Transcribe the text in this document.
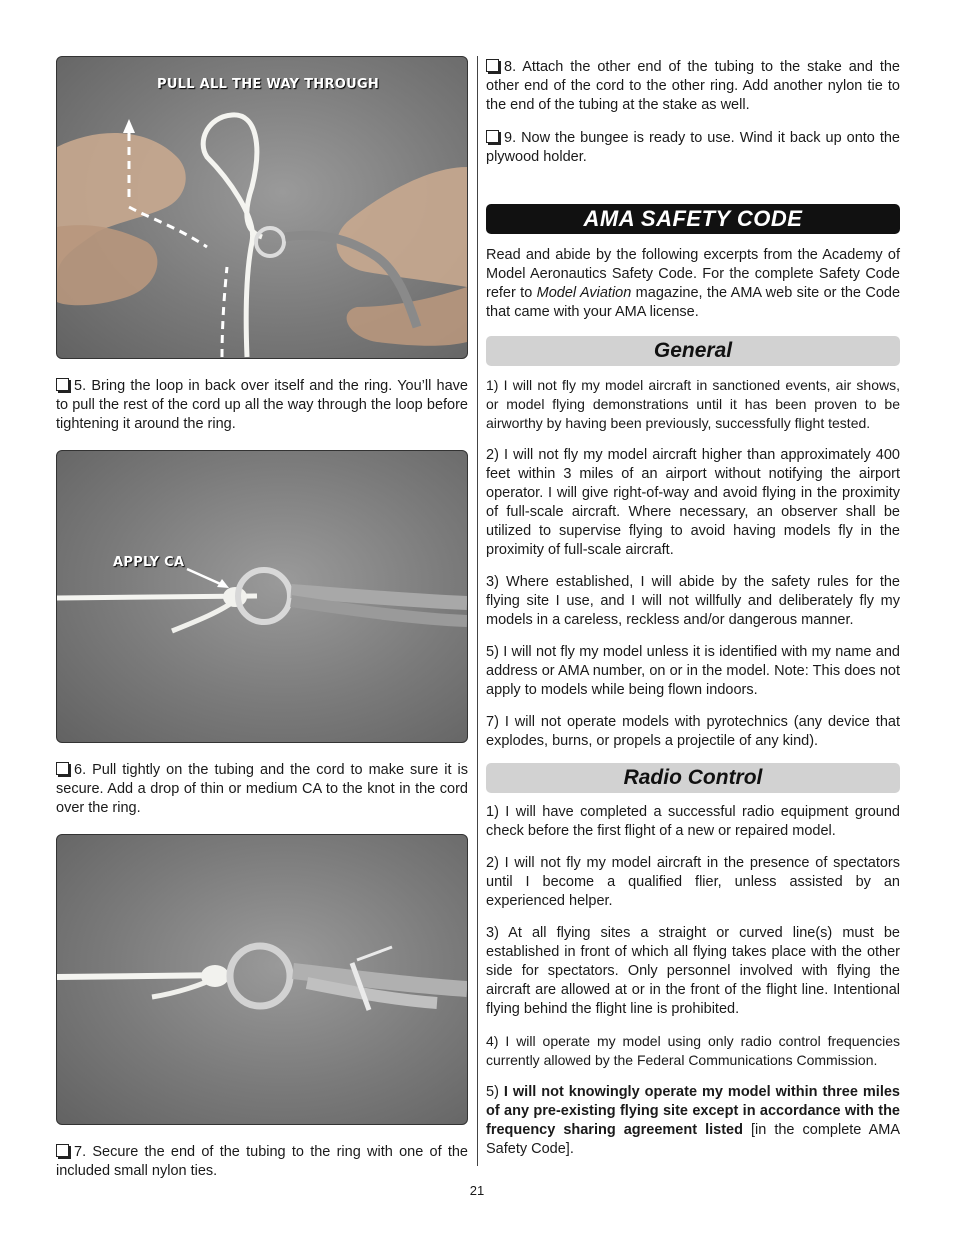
PULL ALL THE WAY THROUGH

5. Bring the loop in back over itself and the ring. You’ll have to pull the rest of the cord up all the way through the loop before tightening it around the ring.

APPLY CA

6. Pull tightly on the tubing and the cord to make sure it is secure. Add a drop of thin or medium CA to the knot in the cord over the ring.

7. Secure the end of the tubing to the ring with one of the included small nylon ties.

8. Attach the other end of the tubing to the stake and the other end of the cord to the other ring. Add another nylon tie to the end of the tubing at the stake as well.

9. Now the bungee is ready to use. Wind it back up onto the plywood holder.

AMA SAFETY CODE

Read and abide by the following excerpts from the Academy of Model Aeronautics Safety Code. For the complete Safety Code refer to Model Aviation magazine, the AMA web site or the Code that came with your AMA license.

General

1) I will not fly my model aircraft in sanctioned events, air shows, or model flying demonstrations until it has been proven to be airworthy by having been previously, successfully flight tested.

2) I will not fly my model aircraft higher than approximately 400 feet within 3 miles of an airport without notifying the airport operator. I will give right-of-way and avoid flying in the proximity of full-scale aircraft. Where necessary, an observer shall be utilized to supervise flying to avoid having models fly in the proximity of full-scale aircraft.

3) Where established, I will abide by the safety rules for the flying site I use, and I will not willfully and deliberately fly my models in a careless, reckless and/or dangerous manner.

5) I will not fly my model unless it is identified with my name and address or AMA number, on or in the model. Note: This does not apply to models while being flown indoors.

7) I will not operate models with pyrotechnics (any device that explodes, burns, or propels a projectile of any kind).

Radio Control

1) I will have completed a successful radio equipment ground check before the first flight of a new or repaired model.

2) I will not fly my model aircraft in the presence of spectators until I become a qualified flier, unless assisted by an experienced helper.

3) At all flying sites a straight or curved line(s) must be established in front of which all flying takes place with the other side for spectators. Only personnel involved with flying the aircraft are allowed at or in the front of the flight line. Intentional flying behind the flight line is prohibited.

4) I will operate my model using only radio control frequencies currently allowed by the Federal Communications Commission.

5) I will not knowingly operate my model within three miles of any pre-existing flying site except in accordance with the frequency sharing agreement listed [in the complete AMA Safety Code].

21
